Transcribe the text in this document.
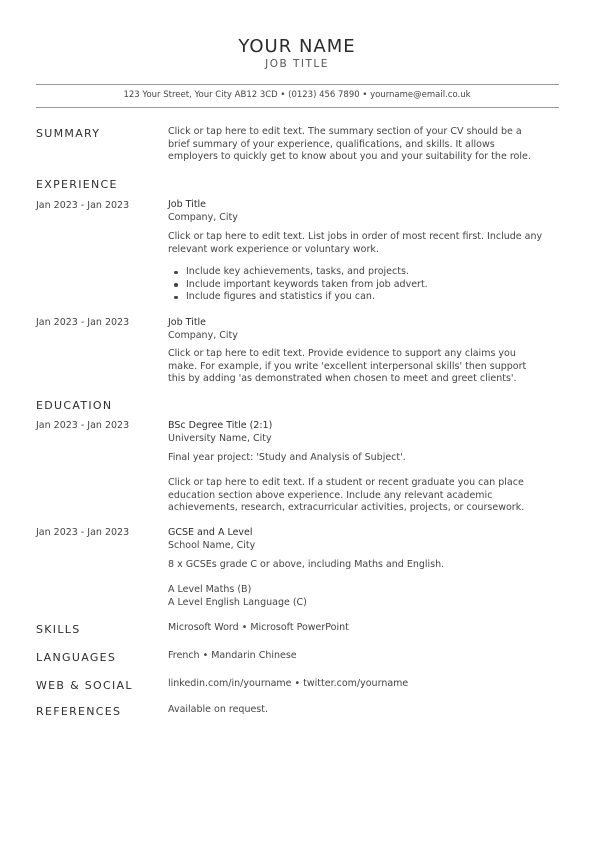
YOUR NAME
JOB TITLE
123 Your Street, Your City AB12 3CD • (0123) 456 7890 • yourname@email.co.uk
SUMMARY	Click or tap here to edit text. The summary section of your CV should be a
brief summary of your experience, qualifications, and skills. It allows
employers to quickly get to know about you and your suitability for the role.
EXPERIENCE
Jan 2023 - Jan 2023	Job Title
Company, City
Click or tap here to edit text. List jobs in order of most recent first. Include any
relevant work experience or voluntary work.
Include key achievements, tasks, and projects.
Include important keywords taken from job advert.
Include figures and statistics if you can.
Jan 2023 - Jan 2023	Job Title
Company, City
Click or tap here to edit text. Provide evidence to support any claims you
make. For example, if you write 'excellent interpersonal skills' then support
this by adding 'as demonstrated when chosen to meet and greet clients'.
EDUCATION
Jan 2023 - Jan 2023	BSc Degree Title (2:1)
University Name, City
Final year project: 'Study and Analysis of Subject'.
Click or tap here to edit text. If a student or recent graduate you can place
education section above experience. Include any relevant academic
achievements, research, extracurricular activities, projects, or coursework.
Jan 2023 - Jan 2023	GCSE and A Level
School Name, City
8 x GCSEs grade C or above, including Maths and English.
A Level Maths (B)
A Level English Language (C)
SKILLS	Microsoft Word • Microsoft PowerPoint
LANGUAGES	French • Mandarin Chinese
WEB & SOCIAL	linkedin.com/in/yourname • twitter.com/yourname
REFERENCES	Available on request.
